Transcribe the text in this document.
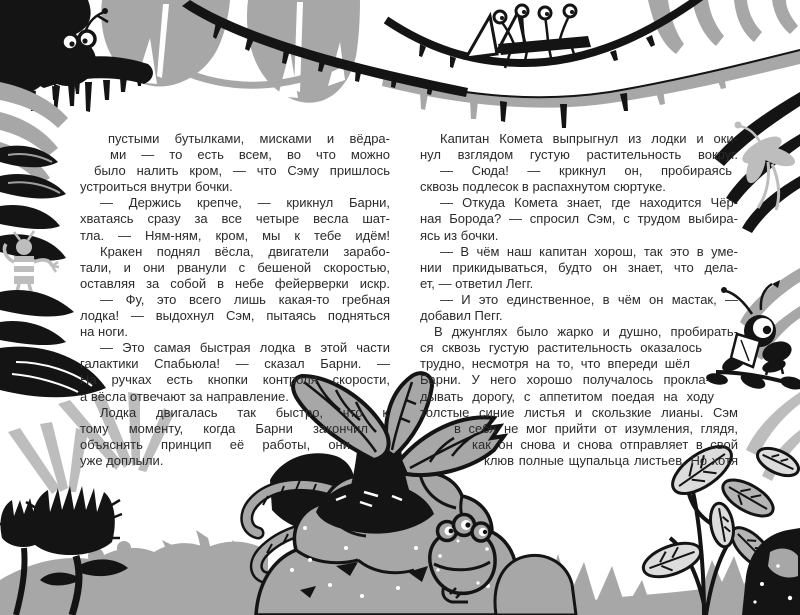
пустыми бутылками, мисками и вёдра-
ми — то есть всем, во что можно
было налить кром, — что Сэму пришлось
устроиться внутри бочки.
— Держись крепче, — крикнул Барни,
хватаясь сразу за все четыре весла шат-
тла. — Ням-ням, кром, мы к тебе идём!
Кракен поднял вёсла, двигатели зарабо-
тали, и они рванули с бешеной скоростью,
оставляя за собой в небе фейерверки искр.
— Фу, это всего лишь какая-то гребная
лодка! — выдохнул Сэм, пытаясь подняться
на ноги.
— Это самая быстрая лодка в этой части
галактики Спабьюла! — сказал Барни. —
На ручках есть кнопки контроля скорости,
а вёсла отвечают за направление.
Лодка двигалась так быстро, что к
тому моменту, когда Барни закончил
объяснять принцип её работы, они
уже доплыли.
Капитан Комета выпрыгнул из лодки и оки-
нул взглядом густую растительность вокруг.
— Сюда! — крикнул он, пробираясь
сквозь подлесок в распахнутом сюртуке.
— Откуда Комета знает, где находится Чёр-
ная Борода? — спросил Сэм, с трудом выбира-
ясь из бочки.
— В чём наш капитан хорош, так это в уме-
нии прикидываться, будто он знает, что дела-
ет, — ответил Легг.
— И это единственное, в чём он мастак, —
добавил Пегг.
В джунглях было жарко и душно, пробирать-
ся сквозь густую растительность оказалось
трудно, несмотря на то, что впереди шёл
Барни. У него хорошо получалось прокла-
дывать дорогу, с аппетитом поедая на ходу
толстые синие листья и скользкие лианы. Сэм
в себя не мог прийти от изумления, глядя,
как он снова и снова отправляет в свой
клюв полные щупальца листьев. Но хотя
